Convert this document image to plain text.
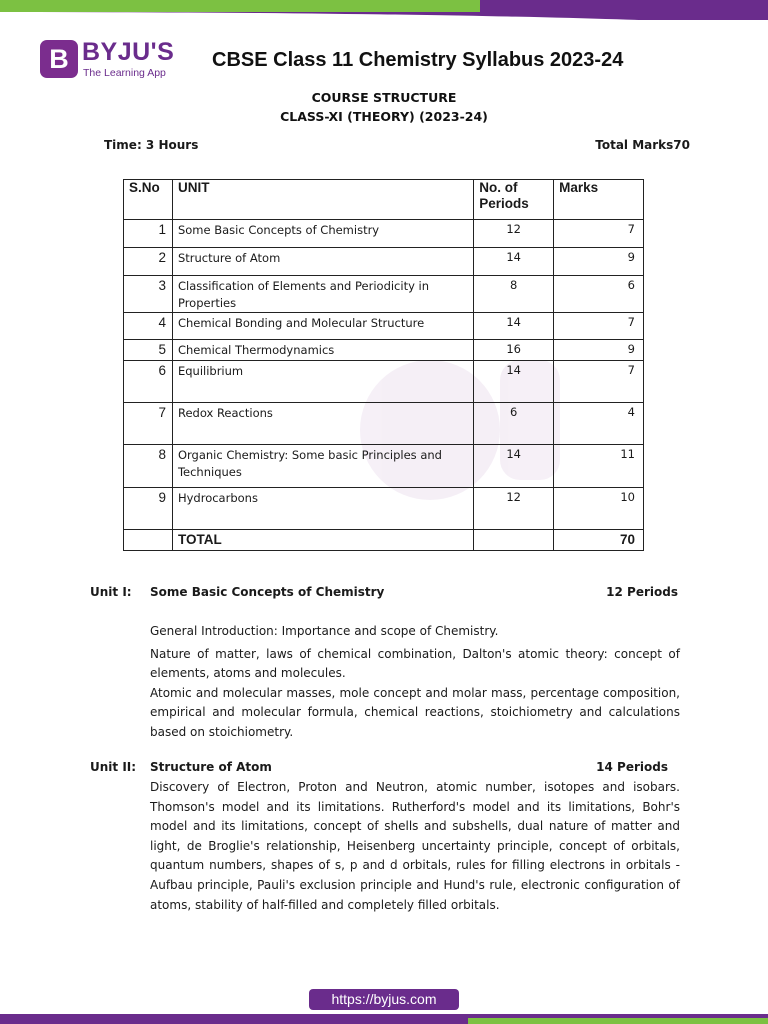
B BYJU'S
The Learning App
CBSE Class 11 Chemistry Syllabus 2023-24
COURSE STRUCTURE
CLASS-XI (THEORY) (2023-24)
Time: 3 Hours	Total Marks70
S.No	UNIT	No. of Periods	Marks
1	Some Basic Concepts of Chemistry	12	7
2	Structure of Atom	14	9
3	Classification of Elements and Periodicity in Properties	8	6
4	Chemical Bonding and Molecular Structure	14	7
5	Chemical Thermodynamics	16	9
6	Equilibrium	14	7
7	Redox Reactions	6	4
8	Organic Chemistry: Some basic Principles and Techniques	14	11
9	Hydrocarbons	12	10
	TOTAL		70
Unit I: Some Basic Concepts of Chemistry	12 Periods

General Introduction: Importance and scope of Chemistry.

Nature of matter, laws of chemical combination, Dalton's atomic theory: concept of elements, atoms and molecules.

Atomic and molecular masses, mole concept and molar mass, percentage composition, empirical and molecular formula, chemical reactions, stoichiometry and calculations based on stoichiometry.

Unit II: Structure of Atom	14 Periods

Discovery of Electron, Proton and Neutron, atomic number, isotopes and isobars. Thomson's model and its limitations. Rutherford's model and its limitations, Bohr's model and its limitations, concept of shells and subshells, dual nature of matter and light, de Broglie's relationship, Heisenberg uncertainty principle, concept of orbitals, quantum numbers, shapes of s, p and d orbitals, rules for filling electrons in orbitals - Aufbau principle, Pauli's exclusion principle and Hund's rule, electronic configuration of atoms, stability of half-filled and completely filled orbitals.

https://byjus.com
